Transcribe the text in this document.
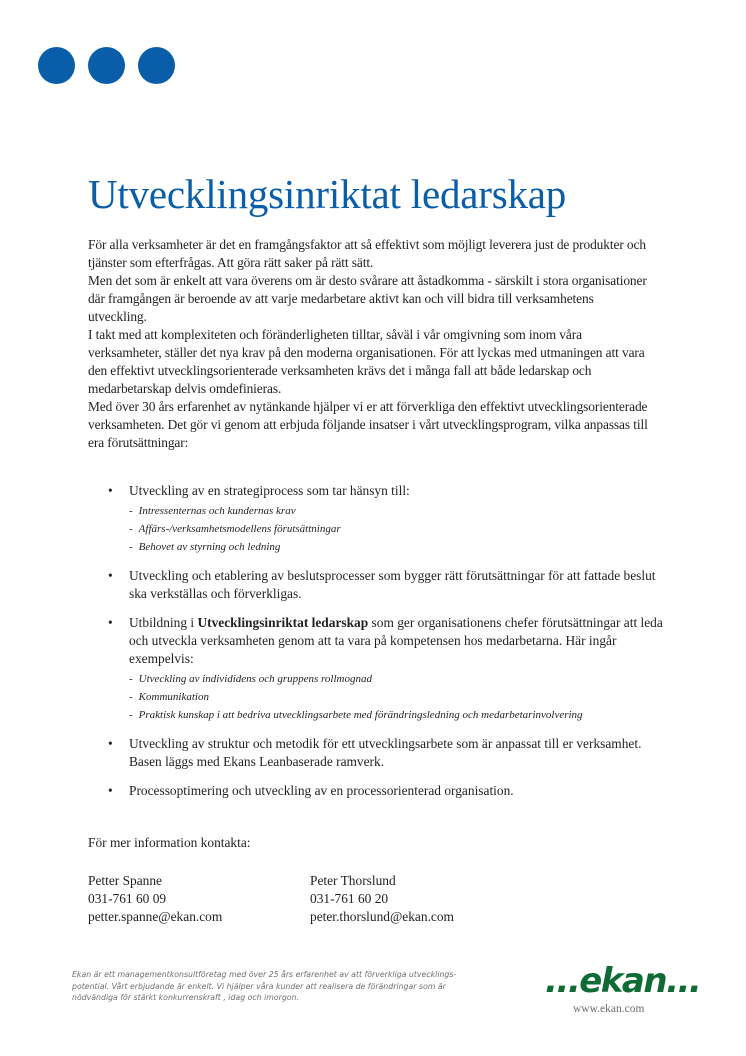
Utvecklingsinriktat ledarskap

För alla verksamheter är det en framgångsfaktor att så effektivt som möjligt leverera just de produkter och tjänster som efterfrågas. Att göra rätt saker på rätt sätt.

Men det som är enkelt att vara överens om är desto svårare att åstadkomma - särskilt i stora organisationer där framgången är beroende av att varje medarbetare aktivt kan och vill bidra till verksamhetens utveckling.

I takt med att komplexiteten och föränderligheten tilltar, såväl i vår omgivning som inom våra verksamheter, ställer det nya krav på den moderna organisationen. För att lyckas med utmaningen att vara den effektivt utvecklingsorienterade verksamheten krävs det i många fall att både ledarskap och medarbetarskap delvis omdefinieras.

Med över 30 års erfarenhet av nytänkande hjälper vi er att förverkliga den effektivt utvecklingsorienterade verksamheten. Det gör vi genom att erbjuda följande insatser i vårt utvecklingsprogram, vilka anpassas till era förutsättningar:

•	Utveckling av en strategiprocess som tar hänsyn till:
- Intressenternas och kundernas krav
- Affärs-/verksamhetsmodellens förutsättningar
- Behovet av styrning och ledning
•	Utveckling och etablering av beslutsprocesser som bygger rätt förutsättningar för att fattade beslut ska verkställas och förverkligas.
•	Utbildning i Utvecklingsinriktat ledarskap som ger organisationens chefer förutsättningar att leda och utveckla verksamheten genom att ta vara på kompetensen hos medarbetarna. Här ingår exempelvis:
- Utveckling av individidens och gruppens rollmognad
- Kommunikation
- Praktisk kunskap i att bedriva utvecklingsarbete med förändringsledning och medarbetarinvolvering
•	Utveckling av struktur och metodik för ett utvecklingsarbete som är anpassat till er verksamhet. Basen läggs med Ekans Leanbaserade ramverk.
•	Processoptimering och utveckling av en processorienterad organisation.
För mer information kontakta:
Petter Spanne
031-761 60 09
petter.spanne@ekan.com
Peter Thorslund
031-761 60 20
peter.thorslund@ekan.com
Ekan är ett managementkonsultföretag med över 25 års erfarenhet av att förverkliga utvecklings-potential. Vårt erbjudande är enkelt. Vi hjälper våra kunder att realisera de förändringar som är nödvändiga för stärkt konkurrenskraft , idag och imorgon.	...ekan...
www.ekan.com
